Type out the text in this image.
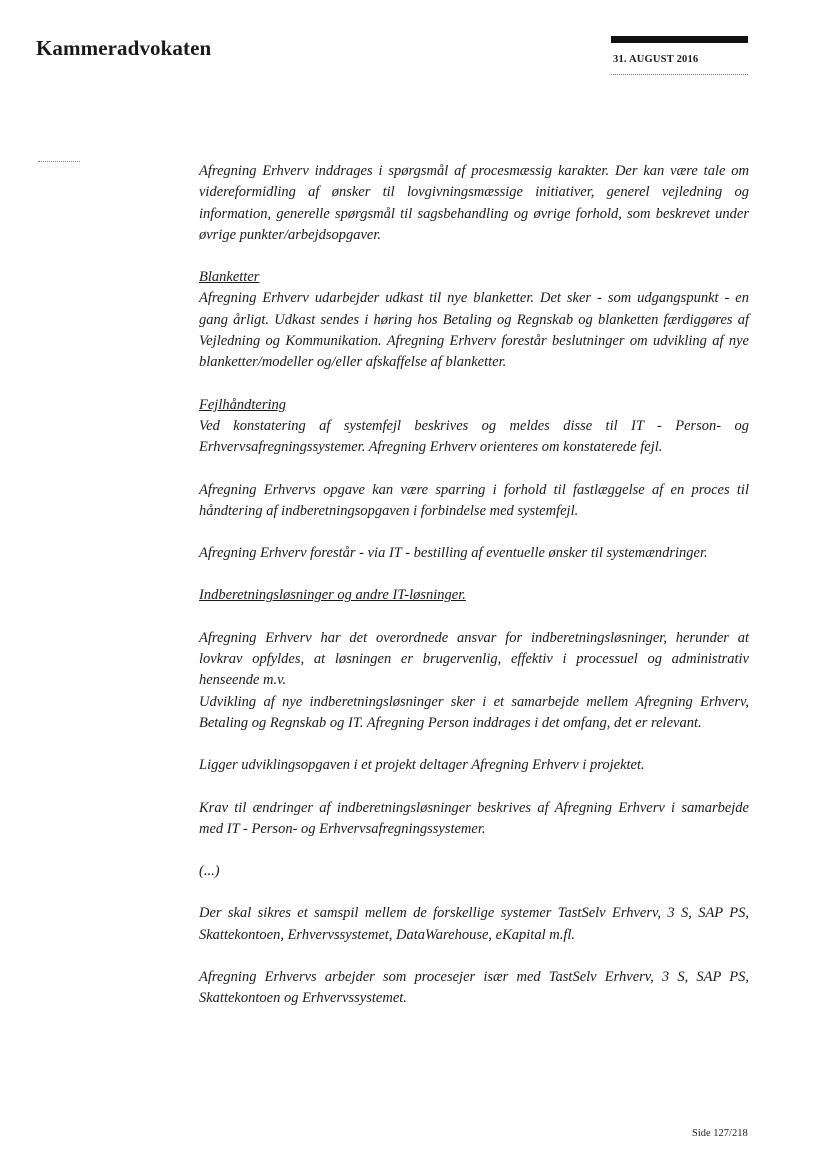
Kammeradvokaten	31. AUGUST 2016

Afregning Erhverv inddrages i spørgsmål af procesmæssig karakter. Der kan være tale om videreformidling af ønsker til lovgivningsmæssige initiativer, generel vejledning og information, generelle spørgsmål til sagsbehandling og øvrige forhold, som beskrevet under øvrige punkter/arbejdsopgaver.

Blanketter
Afregning Erhverv udarbejder udkast til nye blanketter. Det sker - som udgangspunkt - en gang årligt. Udkast sendes i høring hos Betaling og Regnskab og blanketten færdiggøres af Vejledning og Kommunikation. Afregning Erhverv forestår beslutninger om udvikling af nye blanketter/modeller og/eller afskaffelse af blanketter.

Fejlhåndtering
Ved konstatering af systemfejl beskrives og meldes disse til IT - Person- og Erhvervsafregningssystemer. Afregning Erhverv orienteres om konstaterede fejl.

Afregning Erhvervs opgave kan være sparring i forhold til fastlæggelse af en proces til håndtering af indberetningsopgaven i forbindelse med systemfejl.

Afregning Erhverv forestår - via IT - bestilling af eventuelle ønsker til systemændringer.

Indberetningsløsninger og andre IT-løsninger.

Afregning Erhverv har det overordnede ansvar for indberetningsløsninger, herunder at lovkrav opfyldes, at løsningen er brugervenlig, effektiv i processuel og administrativ henseende m.v.

Udvikling af nye indberetningsløsninger sker i et samarbejde mellem Afregning Erhverv, Betaling og Regnskab og IT. Afregning Person inddrages i det omfang, det er relevant.

Ligger udviklingsopgaven i et projekt deltager Afregning Erhverv i projektet.

Krav til ændringer af indberetningsløsninger beskrives af Afregning Erhverv i samarbejde med IT - Person- og Erhvervsafregningssystemer.

(...)

Der skal sikres et samspil mellem de forskellige systemer TastSelv Erhverv, 3 S, SAP PS, Skattekontoen, Erhvervssystemet, DataWarehouse, eKapital m.fl.

Afregning Erhvervs arbejder som procesejer især med TastSelv Erhverv, 3 S, SAP PS, Skattekontoen og Erhvervssystemet.

Side 127/218
